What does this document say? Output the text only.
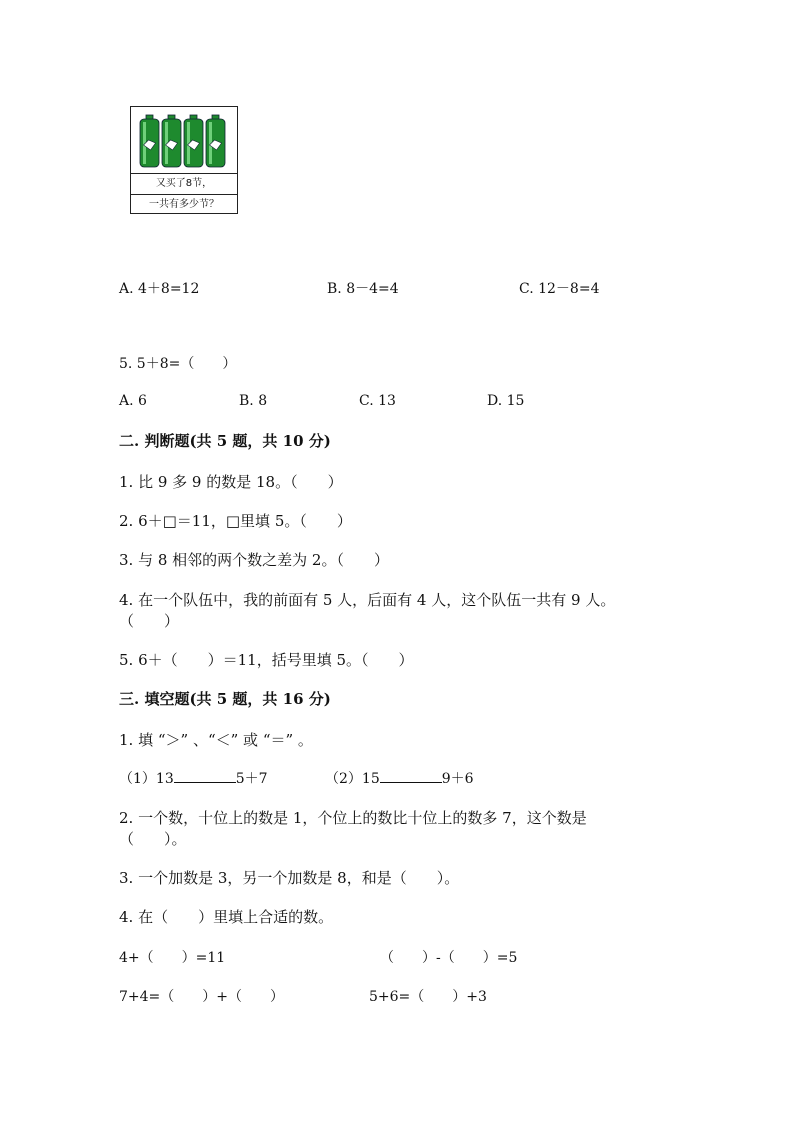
又买了8节，
一共有多少节？
A. 4＋8=12	B. 8－4=4	C. 12－8=4
5. 5＋8=（　　）
A. 6	B. 8	C. 13	D. 15
二. 判断题(共 5 题，共 10 分)
1. 比 9 多 9 的数是 18。（　　）
2. 6＋□＝11，□里填 5。（　　）
3. 与 8 相邻的两个数之差为 2。（　　）
4. 在一个队伍中，我的前面有 5 人，后面有 4 人，这个队伍一共有 9 人。
（　　）
5. 6＋（　　）＝11，括号里填 5。（　　）
三. 填空题(共 5 题，共 16 分)
1. 填 “＞” 、“＜” 或 “＝” 。
（1）13	5＋7	（2）15	9＋6
2. 一个数，十位上的数是 1，个位上的数比十位上的数多 7，这个数是
（　　）。
3. 一个加数是 3，另一个加数是 8，和是（　　）。
4. 在（　　）里填上合适的数。
4+（　　）=11	（　　）-（　　）=5
7+4=（　　）+（　　）	5+6=（　　）+3
